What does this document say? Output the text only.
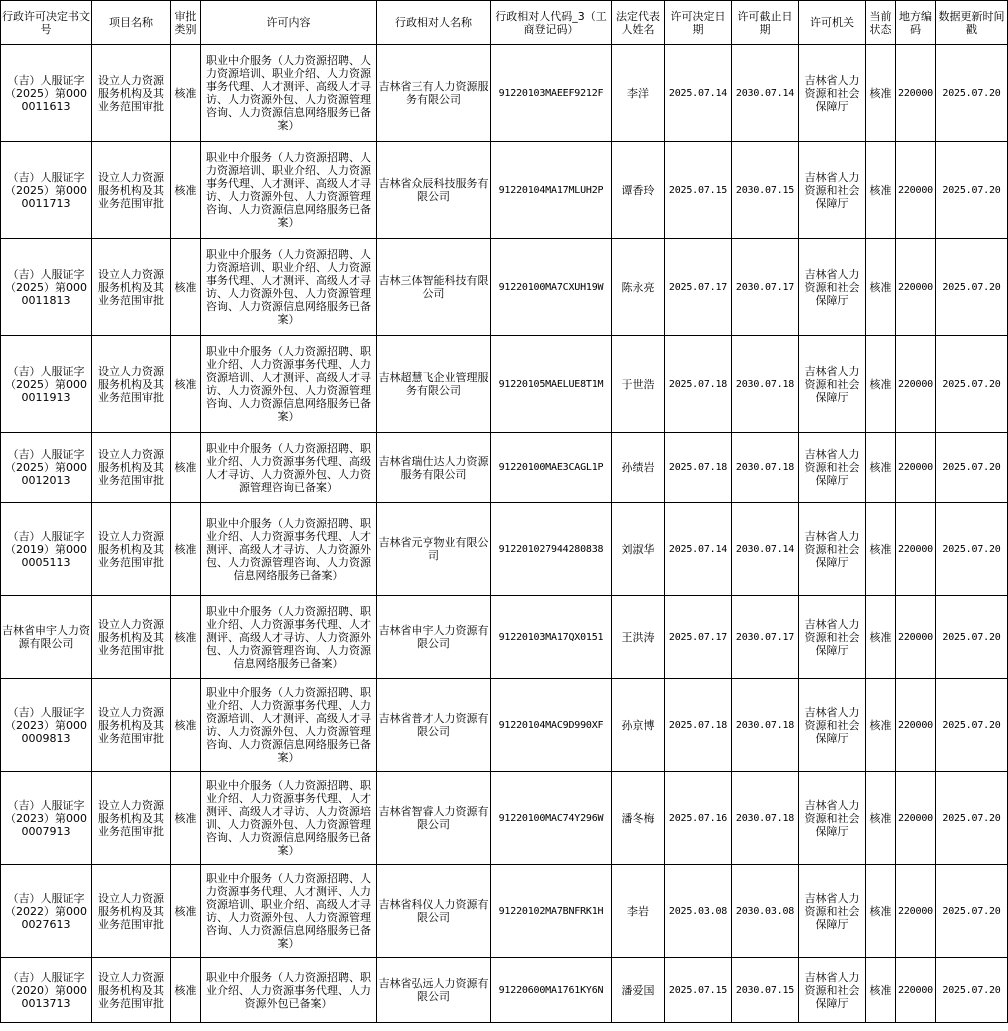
行政许可决定书文号	项目名称	审批类别	许可内容	行政相对人名称	行政相对人代码_3（工商登记码）	法定代表人姓名	许可决定日期	许可截止日期	许可机关	当前状态	地方编码	数据更新时间戳
（吉）人服证字（2025）第0000011613	设立人力资源服务机构及其业务范围审批	核准	职业中介服务（人力资源招聘、人力资源培训、职业介绍、人力资源事务代理、人才测评、高级人才寻访、人力资源外包、人力资源管理咨询、人力资源信息网络服务已备案）	吉林省三有人力资源服务有限公司	91220103MAEEF9212F	李洋	2025.07.14	2030.07.14	吉林省人力资源和社会保障厅	核准	220000	2025.07.20
（吉）人服证字（2025）第0000011713	设立人力资源服务机构及其业务范围审批	核准	职业中介服务（人力资源招聘、人力资源培训、职业介绍、人力资源事务代理、人才测评、高级人才寻访、人力资源外包、人力资源管理咨询、人力资源信息网络服务已备案）	吉林省众辰科技服务有限公司	91220104MA17MLUH2P	谭香玲	2025.07.15	2030.07.15	吉林省人力资源和社会保障厅	核准	220000	2025.07.20
（吉）人服证字（2025）第0000011813	设立人力资源服务机构及其业务范围审批	核准	职业中介服务（人力资源招聘、人力资源培训、职业介绍、人力资源事务代理、人才测评、高级人才寻访、人力资源外包、人力资源管理咨询、人力资源信息网络服务已备案）	吉林三体智能科技有限公司	91220100MA7CXUH19W	陈永亮	2025.07.17	2030.07.17	吉林省人力资源和社会保障厅	核准	220000	2025.07.20
（吉）人服证字（2025）第0000011913	设立人力资源服务机构及其业务范围审批	核准	职业中介服务（人力资源招聘、职业介绍、人力资源事务代理、人力资源培训、人才测评、高级人才寻访、人力资源外包、人力资源管理咨询、人力资源信息网络服务已备案）	吉林超慧飞企业管理服务有限公司	91220105MAELUE8T1M	于世浩	2025.07.18	2030.07.18	吉林省人力资源和社会保障厅	核准	220000	2025.07.20
（吉）人服证字（2025）第0000012013	设立人力资源服务机构及其业务范围审批	核准	职业中介服务（人力资源招聘、职业介绍、人力资源事务代理、高级人才寻访、人力资源外包、人力资源管理咨询已备案）	吉林省瑞仕达人力资源服务有限公司	91220100MAE3CAGL1P	孙绩岩	2025.07.18	2030.07.18	吉林省人力资源和社会保障厅	核准	220000	2025.07.20
（吉）人服证字（2019）第0000005113	设立人力资源服务机构及其业务范围审批	核准	职业中介服务（人力资源招聘、职业介绍、人力资源事务代理、人才测评、高级人才寻访、人力资源外包、人力资源管理咨询、人力资源信息网络服务已备案）	吉林省元亨物业有限公司	912201027944280838	刘淑华	2025.07.14	2030.07.14	吉林省人力资源和社会保障厅	核准	220000	2025.07.20
吉林省申宇人力资源有限公司	设立人力资源服务机构及其业务范围审批	核准	职业中介服务（人力资源招聘、职业介绍、人力资源事务代理、人才测评、高级人才寻访、人力资源外包、人力资源管理咨询、人力资源信息网络服务已备案）	吉林省申宇人力资源有限公司	91220103MA17QX0151	王洪涛	2025.07.17	2030.07.17	吉林省人力资源和社会保障厅	核准	220000	2025.07.20
（吉）人服证字（2023）第0000009813	设立人力资源服务机构及其业务范围审批	核准	职业中介服务（人力资源招聘、职业介绍、人力资源事务代理、人力资源培训、人才测评、高级人才寻访、人力资源外包、人力资源管理咨询、人力资源信息网络服务已备案）	吉林省普才人力资源有限公司	91220104MAC9D990XF	孙京博	2025.07.18	2030.07.18	吉林省人力资源和社会保障厅	核准	220000	2025.07.20
（吉）人服证字（2023）第0000007913	设立人力资源服务机构及其业务范围审批	核准	职业中介服务（人力资源招聘、职业介绍、人力资源事务代理、人才测评、高级人才寻访、人力资源培训、人力资源外包、人力资源管理咨询、人力资源信息网络服务已备案）	吉林省智睿人力资源有限公司	91220100MAC74Y296W	潘冬梅	2025.07.16	2030.07.18	吉林省人力资源和社会保障厅	核准	220000	2025.07.20
（吉）人服证字（2022）第0000027613	设立人力资源服务机构及其业务范围审批	核准	职业中介服务（人力资源招聘、人力资源事务代理、人才测评、人力资源培训、职业介绍、高级人才寻访、人力资源外包、人力资源管理咨询、人力资源信息网络服务已备案）	吉林省科仪人力资源有限公司	91220102MA7BNFRK1H	李岩	2025.03.08	2030.03.08	吉林省人力资源和社会保障厅	核准	220000	2025.07.20
（吉）人服证字（2020）第0000013713	设立人力资源服务机构及其业务范围审批	核准	职业中介服务（人力资源招聘、职业介绍、人力资源事务代理、人力资源外包已备案）	吉林省弘远人力资源有限公司	91220600MA1761KY6N	潘爱国	2025.07.15	2030.07.15	吉林省人力资源和社会保障厅	核准	220000	2025.07.20
